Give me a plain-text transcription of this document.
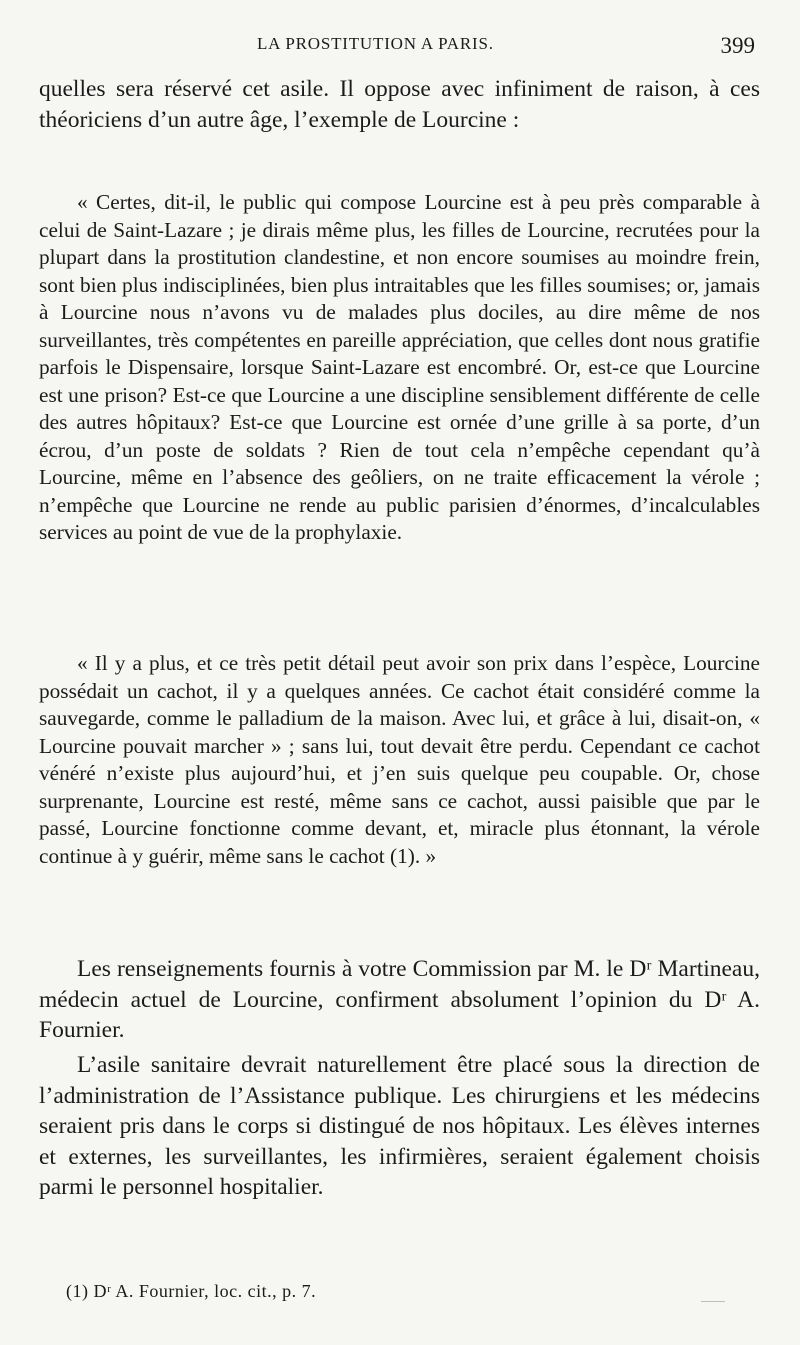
LA PROSTITUTION A PARIS.	399

quelles sera réservé cet asile. Il oppose avec infiniment de raison, à ces théoriciens d’un autre âge, l’exemple de Lourcine :

« Certes, dit-il, le public qui compose Lourcine est à peu près comparable à celui de Saint-Lazare ; je dirais même plus, les filles de Lourcine, recrutées pour la plupart dans la prostitution clandestine, et non encore soumises au moindre frein, sont bien plus indisciplinées, bien plus intraitables que les filles soumises; or, jamais à Lourcine nous n’avons vu de malades plus dociles, au dire même de nos surveillantes, très compétentes en pareille appréciation, que celles dont nous gratifie parfois le Dispensaire, lorsque Saint-Lazare est encombré. Or, est-ce que Lourcine est une prison? Est-ce que Lourcine a une discipline sensiblement différente de celle des autres hôpitaux? Est-ce que Lourcine est ornée d’une grille à sa porte, d’un écrou, d’un poste de soldats ? Rien de tout cela n’empêche cependant qu’à Lourcine, même en l’absence des geôliers, on ne traite efficacement la vérole ; n’empêche que Lourcine ne rende au public parisien d’énormes, d’incalculables services au point de vue de la prophylaxie.

« Il y a plus, et ce très petit détail peut avoir son prix dans l’espèce, Lourcine possédait un cachot, il y a quelques années. Ce cachot était considéré comme la sauvegarde, comme le palladium de la maison. Avec lui, et grâce à lui, disait-on, « Lourcine pouvait marcher » ; sans lui, tout devait être perdu. Cependant ce cachot vénéré n’existe plus aujourd’hui, et j’en suis quelque peu coupable. Or, chose surprenante, Lourcine est resté, même sans ce cachot, aussi paisible que par le passé, Lourcine fonctionne comme devant, et, miracle plus étonnant, la vérole continue à y guérir, même sans le cachot (1). »

Les renseignements fournis à votre Commission par M. le Dʳ Martineau, médecin actuel de Lourcine, confirment absolument l’opinion du Dʳ A. Fournier.

L’asile sanitaire devrait naturellement être placé sous la direction de l’administration de l’Assistance publique. Les chirurgiens et les médecins seraient pris dans le corps si distingué de nos hôpitaux. Les élèves internes et externes, les surveillantes, les infirmières, seraient également choisis parmi le personnel hospitalier.

(1) Dʳ A. Fournier, loc. cit., p. 7.
